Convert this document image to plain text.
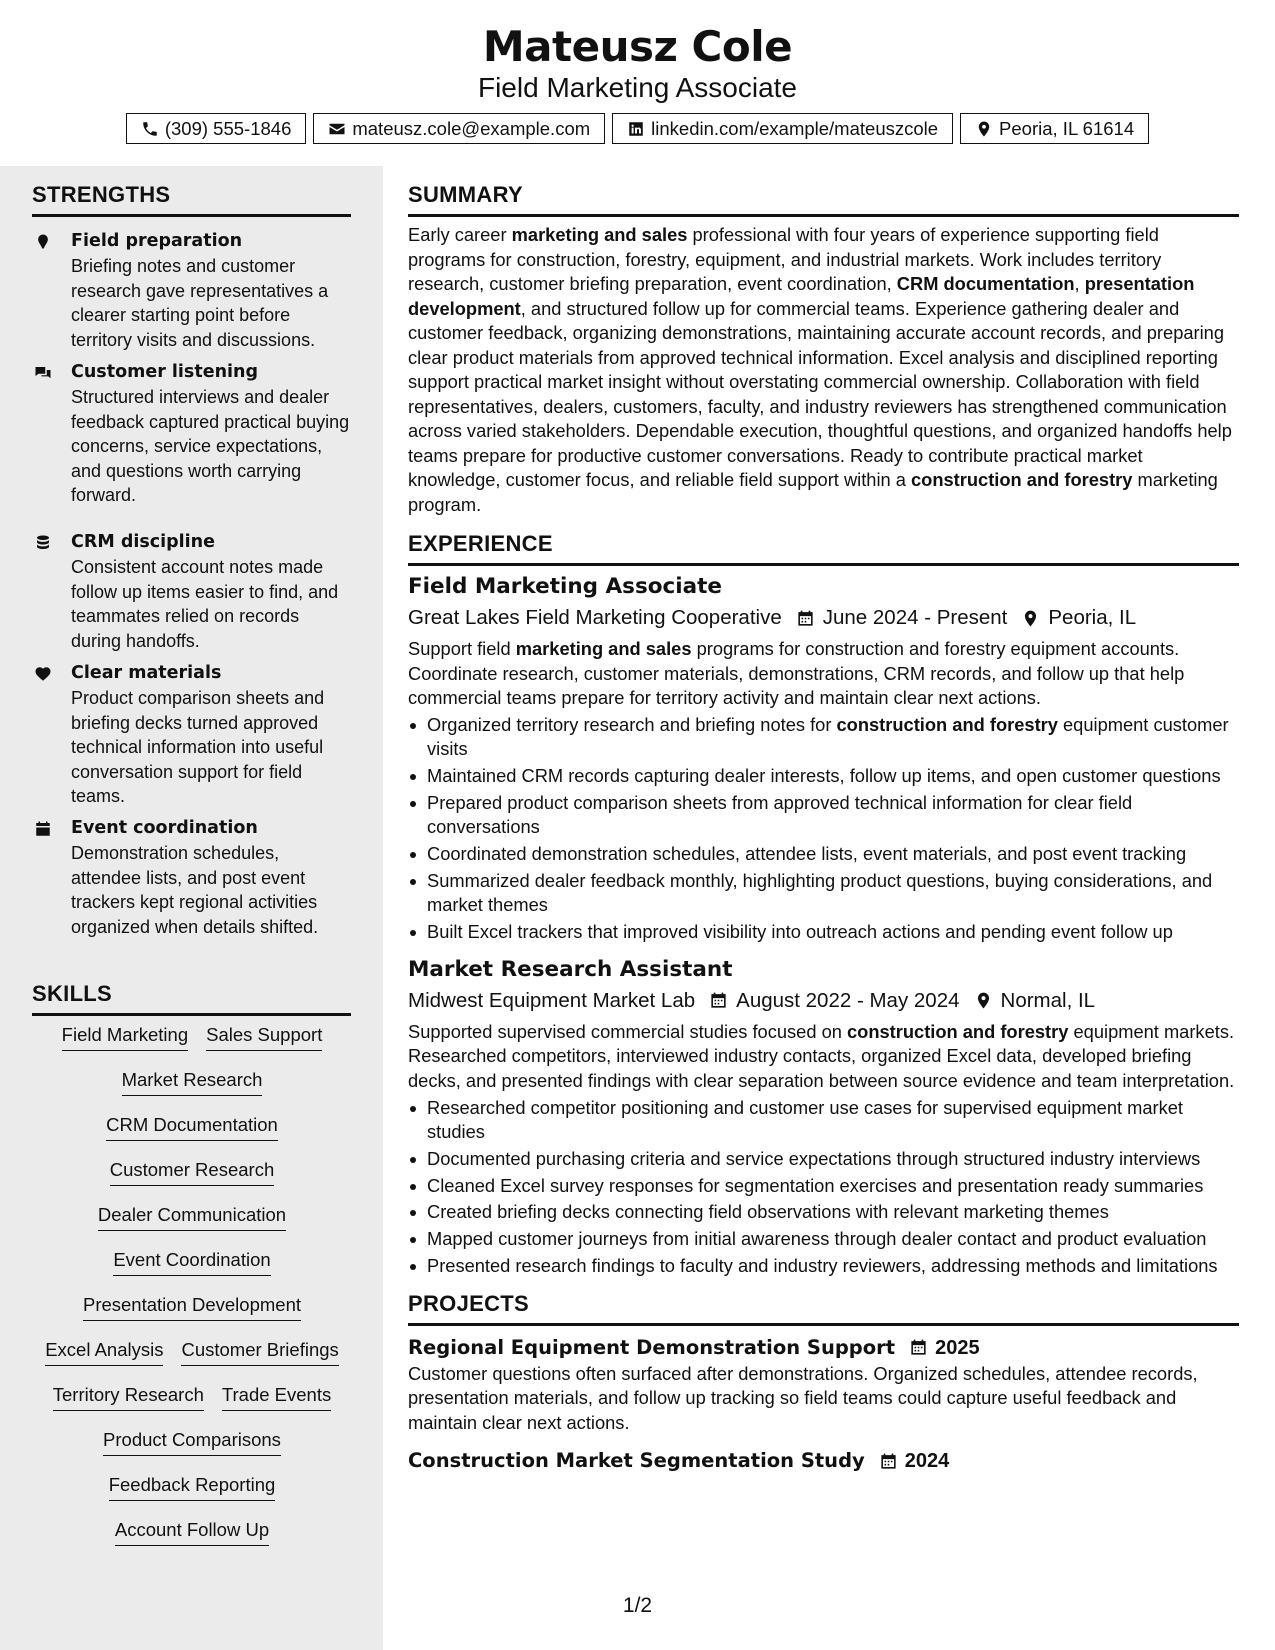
Mateusz Cole
Field Marketing Associate
(309) 555-1846	mateusz.cole@example.com	linkedin.com/example/mateuszcole	Peoria, IL 61614
STRENGTHS
Field preparation
Briefing notes and customer research gave representatives a clearer starting point before territory visits and discussions.
Customer listening
Structured interviews and dealer feedback captured practical buying concerns, service expectations, and questions worth carrying forward.
CRM discipline
Consistent account notes made follow up items easier to find, and teammates relied on records during handoffs.
Clear materials
Product comparison sheets and briefing decks turned approved technical information into useful conversation support for field teams.
Event coordination
Demonstration schedules, attendee lists, and post event trackers kept regional activities organized when details shifted.
SKILLS
Field Marketing Sales Support
Market Research
CRM Documentation
Customer Research
Dealer Communication
Event Coordination
Presentation Development
Excel Analysis Customer Briefings
Territory Research Trade Events
Product Comparisons
Feedback Reporting
Account Follow Up
SUMMARY
Early career marketing and sales professional with four years of experience supporting field programs for construction, forestry, equipment, and industrial markets. Work includes territory research, customer briefing preparation, event coordination, CRM documentation, presentation development, and structured follow up for commercial teams. Experience gathering dealer and customer feedback, organizing demonstrations, maintaining accurate account records, and preparing clear product materials from approved technical information. Excel analysis and disciplined reporting support practical market insight without overstating commercial ownership. Collaboration with field representatives, dealers, customers, faculty, and industry reviewers has strengthened communication across varied stakeholders. Dependable execution, thoughtful questions, and organized handoffs help teams prepare for productive customer conversations. Ready to contribute practical market knowledge, customer focus, and reliable field support within a construction and forestry marketing program.
EXPERIENCE
Field Marketing Associate
Great Lakes Field Marketing Cooperative June 2024 - Present Peoria, IL
Support field marketing and sales programs for construction and forestry equipment accounts. Coordinate research, customer materials, demonstrations, CRM records, and follow up that help commercial teams prepare for territory activity and maintain clear next actions.
Organized territory research and briefing notes for construction and forestry equipment customer visits
Maintained CRM records capturing dealer interests, follow up items, and open customer questions
Prepared product comparison sheets from approved technical information for clear field conversations
Coordinated demonstration schedules, attendee lists, event materials, and post event tracking
Summarized dealer feedback monthly, highlighting product questions, buying considerations, and market themes
Built Excel trackers that improved visibility into outreach actions and pending event follow up
Market Research Assistant
Midwest Equipment Market Lab August 2022 - May 2024 Normal, IL
Supported supervised commercial studies focused on construction and forestry equipment markets. Researched competitors, interviewed industry contacts, organized Excel data, developed briefing decks, and presented findings with clear separation between source evidence and team interpretation.
Researched competitor positioning and customer use cases for supervised equipment market studies
Documented purchasing criteria and service expectations through structured industry interviews
Cleaned Excel survey responses for segmentation exercises and presentation ready summaries
Created briefing decks connecting field observations with relevant marketing themes
Mapped customer journeys from initial awareness through dealer contact and product evaluation
Presented research findings to faculty and industry reviewers, addressing methods and limitations
PROJECTS
Regional Equipment Demonstration Support 2025
Customer questions often surfaced after demonstrations. Organized schedules, attendee records, presentation materials, and follow up tracking so field teams could capture useful feedback and maintain clear next actions.
Construction Market Segmentation Study 2024
1/2
